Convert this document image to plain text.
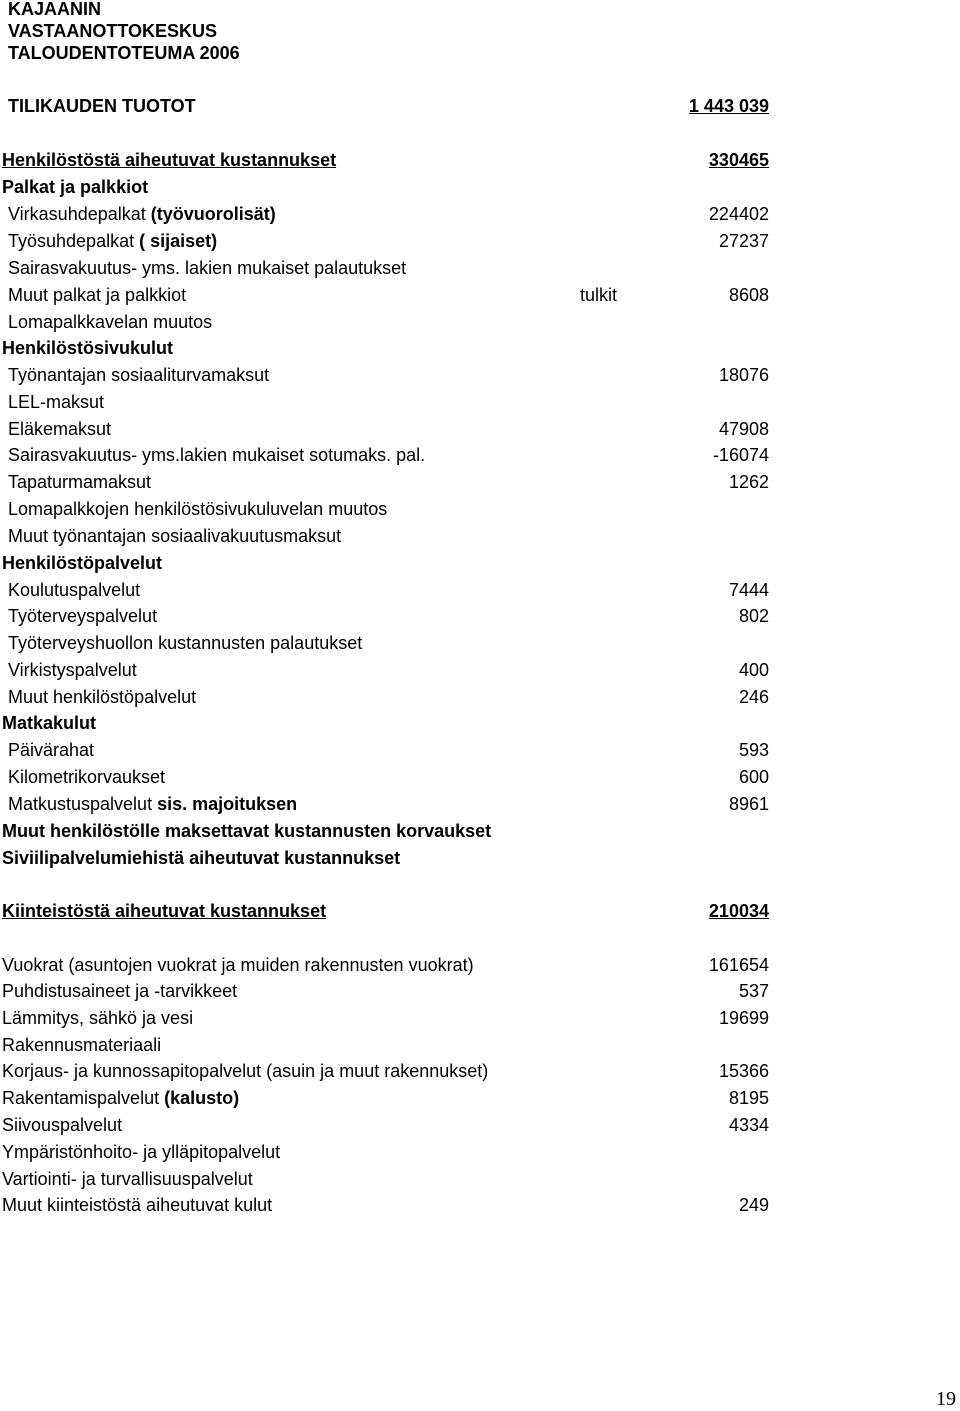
KAJAANIN
VASTAANOTTOKESKUS
TALOUDENTOTEUMA 2006
TILIKAUDEN TUOTOT	1 443 039
Henkilöstöstä aiheutuvat kustannukset	330465
Palkat ja palkkiot
Virkasuhdepalkat (työvuorolisät)	224402
Työsuhdepalkat ( sijaiset)	27237
Sairasvakuutus- yms. lakien mukaiset palautukset
Muut palkat ja palkkiot	tulkit	8608
Lomapalkkavelan muutos
Henkilöstösivukulut
Työnantajan sosiaaliturvamaksut	18076
LEL-maksut
Eläkemaksut	47908
Sairasvakuutus- yms.lakien mukaiset sotumaks. pal.	-16074
Tapaturmamaksut	1262
Lomapalkkojen henkilöstösivukuluvelan muutos
Muut työnantajan sosiaalivakuutusmaksut
Henkilöstöpalvelut
Koulutuspalvelut	7444
Työterveyspalvelut	802
Työterveyshuollon kustannusten palautukset
Virkistyspalvelut	400
Muut henkilöstöpalvelut	246
Matkakulut
Päivärahat	593
Kilometrikorvaukset	600
Matkustuspalvelut sis. majoituksen	8961
Muut henkilöstölle maksettavat kustannusten korvaukset
Siviilipalvelumiehistä aiheutuvat kustannukset
Kiinteistöstä aiheutuvat kustannukset	210034
Vuokrat (asuntojen vuokrat ja muiden rakennusten vuokrat)	161654
Puhdistusaineet ja -tarvikkeet	537
Lämmitys, sähkö ja vesi	19699
Rakennusmateriaali
Korjaus- ja kunnossapitopalvelut (asuin ja muut rakennukset)	15366
Rakentamispalvelut (kalusto)	8195
Siivouspalvelut	4334
Ympäristönhoito- ja ylläpitopalvelut
Vartiointi- ja turvallisuuspalvelut
Muut kiinteistöstä aiheutuvat kulut	249
19
